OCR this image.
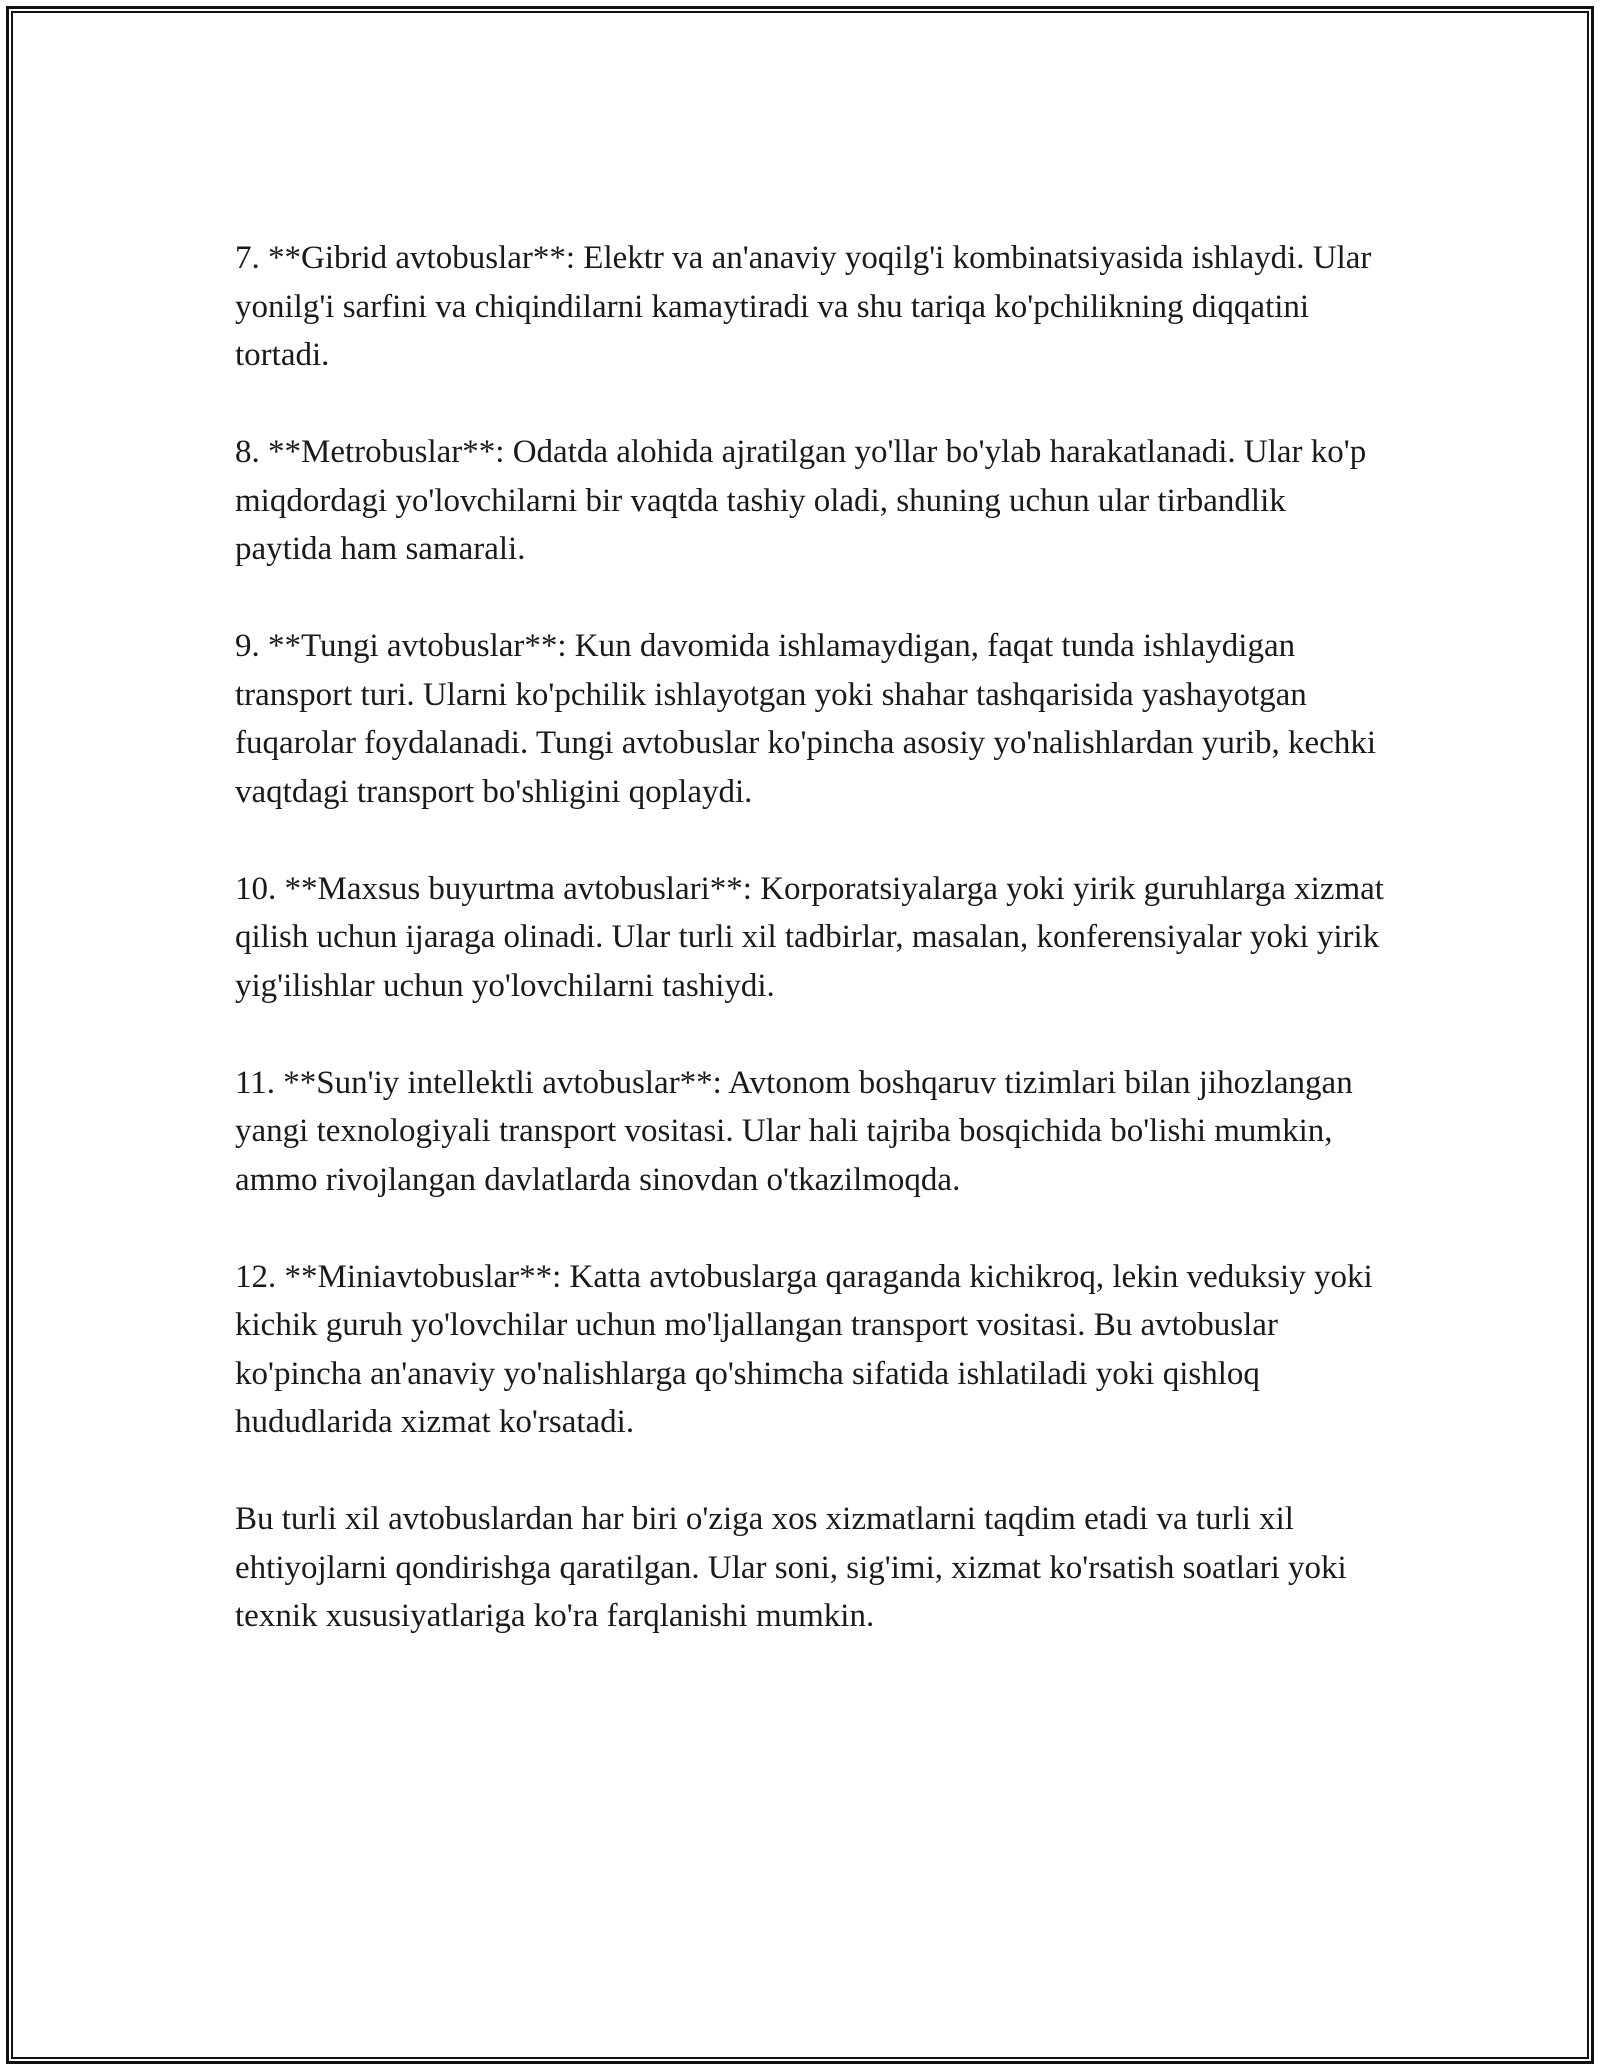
7. **Gibrid avtobuslar**: Elektr va an'anaviy yoqilg'i kombinatsiyasida ishlaydi. Ular yonilg'i sarfini va chiqindilarni kamaytiradi va shu tariqa ko'pchilikning diqqatini tortadi.

8. **Metrobuslar**: Odatda alohida ajratilgan yo'llar bo'ylab harakatlanadi. Ular ko'p miqdordagi yo'lovchilarni bir vaqtda tashiy oladi, shuning uchun ular tirbandlik paytida ham samarali.

9. **Tungi avtobuslar**: Kun davomida ishlamaydigan, faqat tunda ishlaydigan transport turi. Ularni ko'pchilik ishlayotgan yoki shahar tashqarisida yashayotgan fuqarolar foydalanadi. Tungi avtobuslar ko'pincha asosiy yo'nalishlardan yurib, kechki vaqtdagi transport bo'shligini qoplaydi.

10. **Maxsus buyurtma avtobuslari**: Korporatsiyalarga yoki yirik guruhlarga xizmat qilish uchun ijaraga olinadi. Ular turli xil tadbirlar, masalan, konferensiyalar yoki yirik yig'ilishlar uchun yo'lovchilarni tashiydi.

11. **Sun'iy intellektli avtobuslar**: Avtonom boshqaruv tizimlari bilan jihozlangan yangi texnologiyali transport vositasi. Ular hali tajriba bosqichida bo'lishi mumkin, ammo rivojlangan davlatlarda sinovdan o'tkazilmoqda.

12. **Miniavtobuslar**: Katta avtobuslarga qaraganda kichikroq, lekin veduksiy yoki kichik guruh yo'lovchilar uchun mo'ljallangan transport vositasi. Bu avtobuslar ko'pincha an'anaviy yo'nalishlarga qo'shimcha sifatida ishlatiladi yoki qishloq hududlarida xizmat ko'rsatadi.

Bu turli xil avtobuslardan har biri o'ziga xos xizmatlarni taqdim etadi va turli xil ehtiyojlarni qondirishga qaratilgan. Ular soni, sig'imi, xizmat ko'rsatish soatlari yoki texnik xususiyatlariga ko'ra farqlanishi mumkin.
